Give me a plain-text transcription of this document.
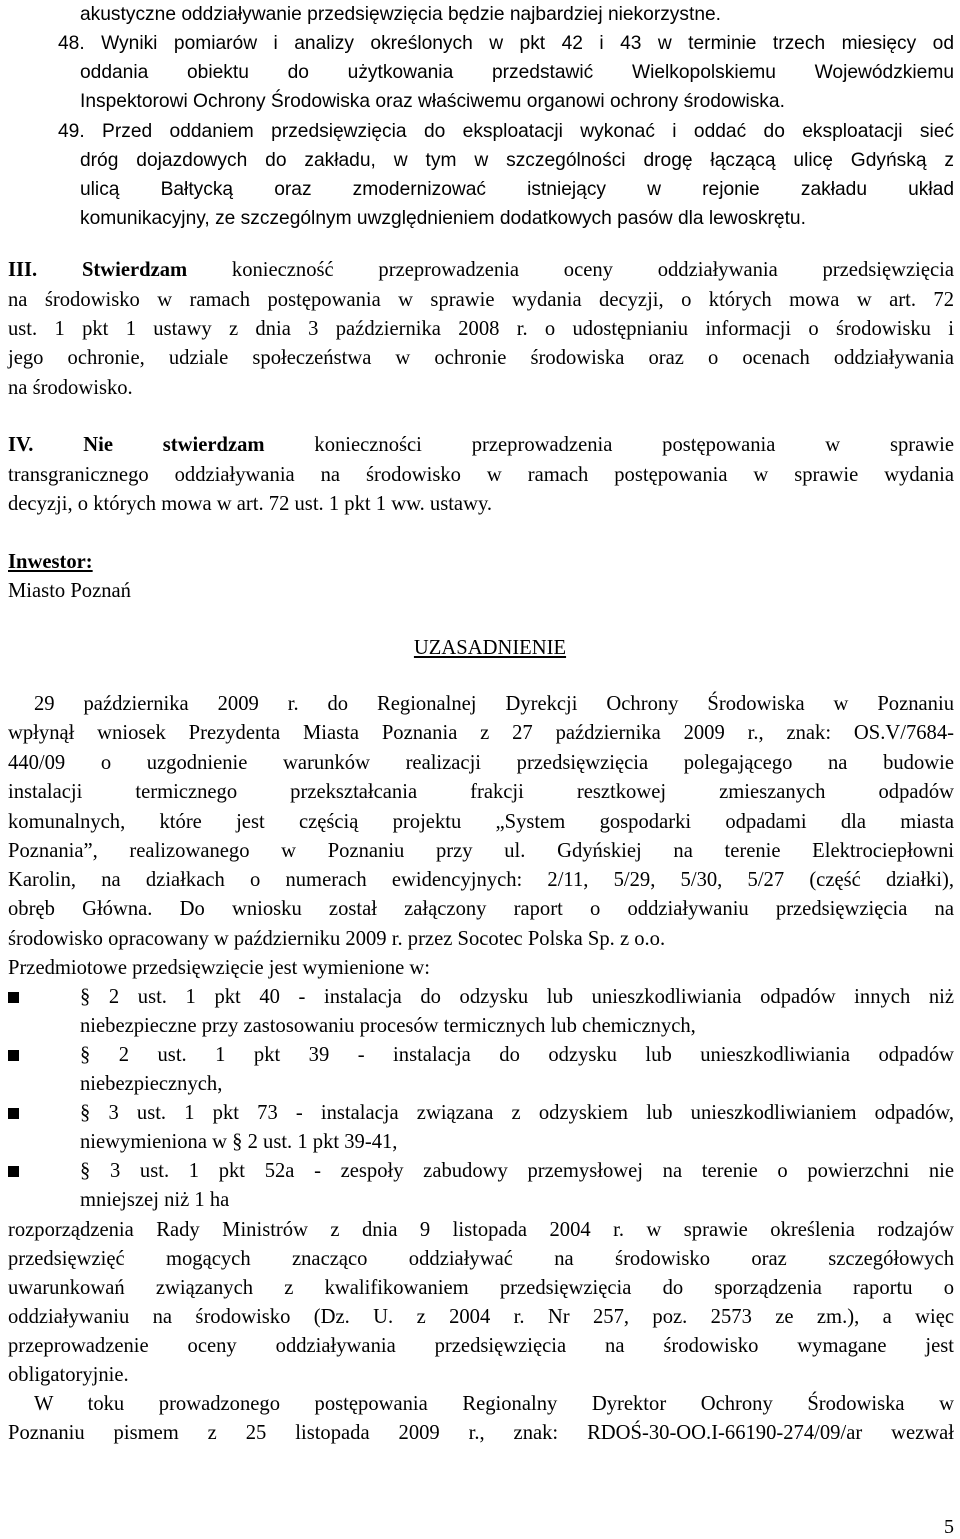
akustyczne oddziaływanie przedsięwzięcia będzie najbardziej niekorzystne.
48. Wyniki pomiarów i analizy określonych w pkt 42 i 43 w terminie trzech miesięcy od
oddania obiektu do użytkowania przedstawić Wielkopolskiemu Wojewódzkiemu
Inspektorowi Ochrony Środowiska oraz właściwemu organowi ochrony środowiska.
49. Przed oddaniem przedsięwzięcia do eksploatacji wykonać i oddać do eksploatacji sieć
dróg dojazdowych do zakładu, w tym w szczególności drogę łączącą ulicę Gdyńską z
ulicą Bałtycką oraz zmodernizować istniejący w rejonie zakładu układ
komunikacyjny, ze szczególnym uwzględnieniem dodatkowych pasów dla lewoskrętu.
III. Stwierdzam konieczność przeprowadzenia oceny oddziaływania przedsięwzięcia
na środowisko w ramach postępowania w sprawie wydania decyzji, o których mowa w art. 72
ust. 1 pkt 1 ustawy z dnia 3 października 2008 r. o udostępnianiu informacji o środowisku i
jego ochronie, udziale społeczeństwa w ochronie środowiska oraz o ocenach oddziaływania
na środowisko.
IV. Nie stwierdzam konieczności przeprowadzenia postępowania w sprawie
transgranicznego oddziaływania na środowisko w ramach postępowania w sprawie wydania
decyzji, o których mowa w art. 72 ust. 1 pkt 1 ww. ustawy.
Inwestor:
Miasto Poznań
UZASADNIENIE
29 października 2009 r. do Regionalnej Dyrekcji Ochrony Środowiska w Poznaniu
wpłynął wniosek Prezydenta Miasta Poznania z 27 października 2009 r., znak: OS.V/7684-
440/09 o uzgodnienie warunków realizacji przedsięwzięcia polegającego na budowie
instalacji termicznego przekształcania frakcji resztkowej zmieszanych odpadów
komunalnych, które jest częścią projektu „System gospodarki odpadami dla miasta
Poznania”, realizowanego w Poznaniu przy ul. Gdyńskiej na terenie Elektrociepłowni
Karolin, na działkach o numerach ewidencyjnych: 2/11, 5/29, 5/30, 5/27 (część działki),
obręb Główna. Do wniosku został załączony raport o oddziaływaniu przedsięwzięcia na
środowisko opracowany w październiku 2009 r. przez Socotec Polska Sp. z o.o.
Przedmiotowe przedsięwzięcie jest wymienione w:
§ 2 ust. 1 pkt 40 - instalacja do odzysku lub unieszkodliwiania odpadów innych niż
niebezpieczne przy zastosowaniu procesów termicznych lub chemicznych,
§ 2 ust. 1 pkt 39 - instalacja do odzysku lub unieszkodliwiania odpadów
niebezpiecznych,
§ 3 ust. 1 pkt 73 - instalacja związana z odzyskiem lub unieszkodliwianiem odpadów,
niewymieniona w § 2 ust. 1 pkt 39-41,
§ 3 ust. 1 pkt 52a - zespoły zabudowy przemysłowej na terenie o powierzchni nie
mniejszej niż 1 ha
rozporządzenia Rady Ministrów z dnia 9 listopada 2004 r. w sprawie określenia rodzajów
przedsięwzięć mogących znacząco oddziaływać na środowisko oraz szczegółowych
uwarunkowań związanych z kwalifikowaniem przedsięwzięcia do sporządzenia raportu o
oddziaływaniu na środowisko (Dz. U. z 2004 r. Nr 257, poz. 2573 ze zm.), a więc
przeprowadzenie oceny oddziaływania przedsięwzięcia na środowisko wymagane jest
obligatoryjnie.
W toku prowadzonego postępowania Regionalny Dyrektor Ochrony Środowiska w
Poznaniu pismem z 25 listopada 2009 r., znak: RDOŚ-30-OO.I-66190-274/09/ar wezwał
5
